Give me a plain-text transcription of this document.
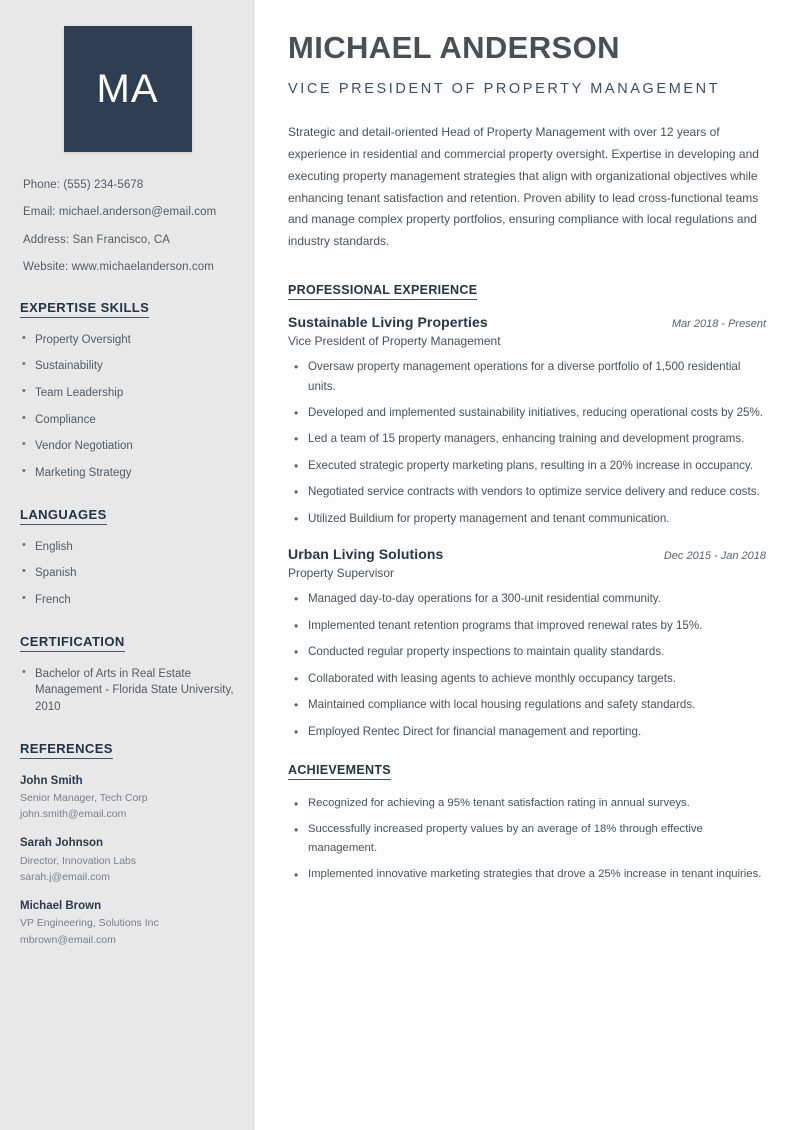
MA
Phone: (555) 234-5678
Email: michael.anderson@email.com
Address: San Francisco, CA
Website: www.michaelanderson.com
EXPERTISE SKILLS
• Property Oversight
• Sustainability
• Team Leadership
• Compliance
• Vendor Negotiation
• Marketing Strategy
LANGUAGES
• English
• Spanish
• French
CERTIFICATION
• Bachelor of Arts in Real Estate Management - Florida State University, 2010
REFERENCES
John Smith
Senior Manager, Tech Corp
john.smith@email.com
Sarah Johnson
Director, Innovation Labs
sarah.j@email.com
Michael Brown
VP Engineering, Solutions Inc
mbrown@email.com
MICHAEL ANDERSON
VICE PRESIDENT OF PROPERTY MANAGEMENT

Strategic and detail-oriented Head of Property Management with over 12 years of experience in residential and commercial property oversight. Expertise in developing and executing property management strategies that align with organizational objectives while enhancing tenant satisfaction and retention. Proven ability to lead cross-functional teams and manage complex property portfolios, ensuring compliance with local regulations and industry standards.

PROFESSIONAL EXPERIENCE
Sustainable Living Properties	Mar 2018 - Present
Vice President of Property Management
• Oversaw property management operations for a diverse portfolio of 1,500 residential units.
• Developed and implemented sustainability initiatives, reducing operational costs by 25%.
• Led a team of 15 property managers, enhancing training and development programs.
• Executed strategic property marketing plans, resulting in a 20% increase in occupancy.
• Negotiated service contracts with vendors to optimize service delivery and reduce costs.
• Utilized Buildium for property management and tenant communication.
Urban Living Solutions	Dec 2015 - Jan 2018
Property Supervisor
• Managed day-to-day operations for a 300-unit residential community.
• Implemented tenant retention programs that improved renewal rates by 15%.
• Conducted regular property inspections to maintain quality standards.
• Collaborated with leasing agents to achieve monthly occupancy targets.
• Maintained compliance with local housing regulations and safety standards.
• Employed Rentec Direct for financial management and reporting.
ACHIEVEMENTS
• Recognized for achieving a 95% tenant satisfaction rating in annual surveys.
• Successfully increased property values by an average of 18% through effective management.
• Implemented innovative marketing strategies that drove a 25% increase in tenant inquiries.
